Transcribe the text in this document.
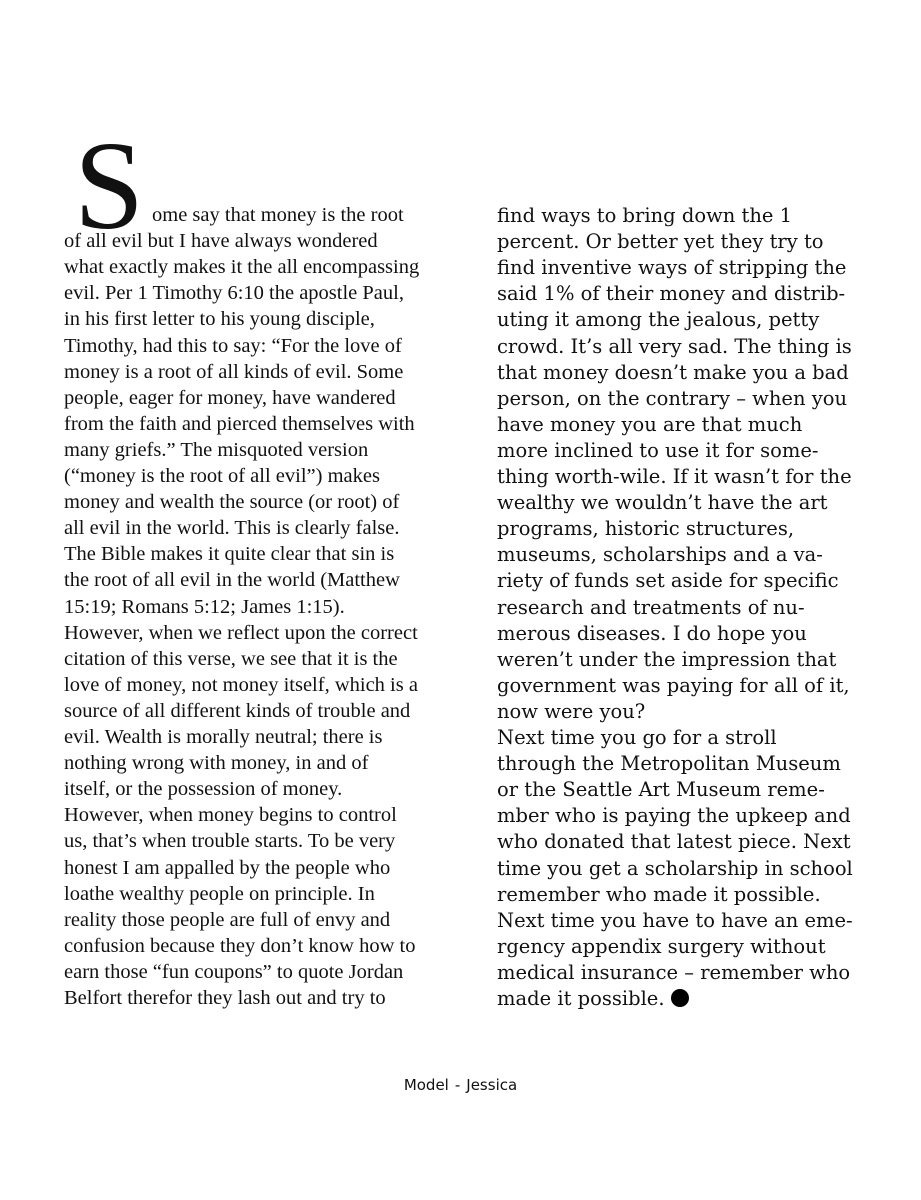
S ome say that money is the root
of all evil but I have always wondered
what exactly makes it the all encompassing
evil. Per 1 Timothy 6:10 the apostle Paul,
in his first letter to his young disciple,
Timothy, had this to say: “For the love of
money is a root of all kinds of evil. Some
people, eager for money, have wandered
from the faith and pierced themselves with
many griefs.” The misquoted version
(“money is the root of all evil”) makes
money and wealth the source (or root) of
all evil in the world. This is clearly false.
The Bible makes it quite clear that sin is
the root of all evil in the world (Matthew
15:19; Romans 5:12; James 1:15).
However, when we reflect upon the correct
citation of this verse, we see that it is the
love of money, not money itself, which is a
source of all different kinds of trouble and
evil. Wealth is morally neutral; there is
nothing wrong with money, in and of
itself, or the possession of money.
However, when money begins to control
us, that’s when trouble starts. To be very
honest I am appalled by the people who
loathe wealthy people on principle. In
reality those people are full of envy and
confusion because they don’t know how to
earn those “fun coupons” to quote Jordan
Belfort therefor they lash out and try to
find ways to bring down the 1
percent. Or better yet they try to
find inventive ways of stripping the
said 1% of their money and distrib-
uting it among the jealous, petty
crowd. It’s all very sad. The thing is
that money doesn’t make you a bad
person, on the contrary – when you
have money you are that much
more inclined to use it for some-
thing worth-wile. If it wasn’t for the
wealthy we wouldn’t have the art
programs, historic structures,
museums, scholarships and a va-
riety of funds set aside for specific
research and treatments of nu-
merous diseases. I do hope you
weren’t under the impression that
government was paying for all of it,
now were you?
Next time you go for a stroll
through the Metropolitan Museum
or the Seattle Art Museum reme-
mber who is paying the upkeep and
who donated that latest piece. Next
time you get a scholarship in school
remember who made it possible.
Next time you have to have an eme-
rgency appendix surgery without
medical insurance – remember who
made it possible.
Model - Jessica
